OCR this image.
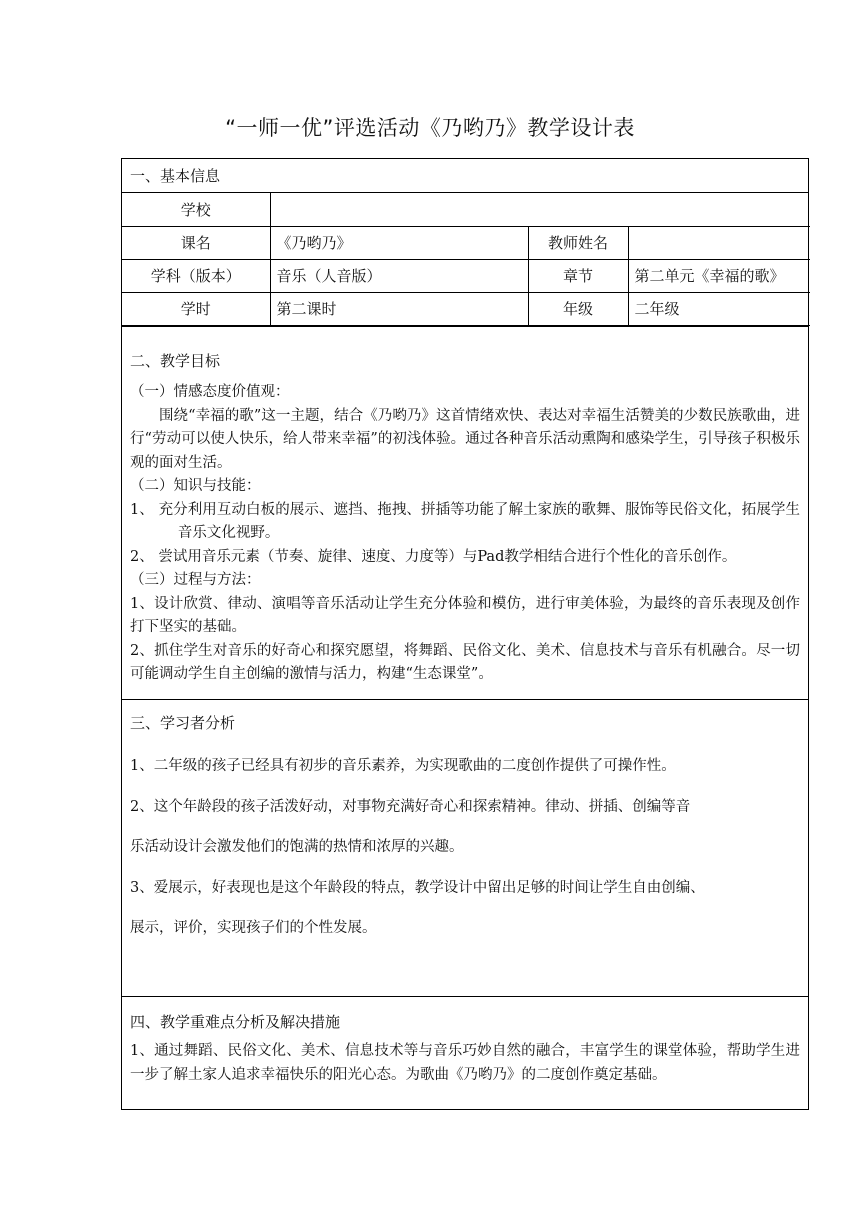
“一师一优”评选活动《乃哟乃》教学设计表
一、基本信息
学校			
课名	《乃哟乃》	教师姓名	
学科（版本）	音乐（人音版）	章节	第二单元《幸福的歌》
学时	第二课时	年级	二年级

二、教学目标

（一）情感态度价值观：

围绕“幸福的歌”这一主题，结合《乃哟乃》这首情绪欢快、表达对幸福生活赞美的少数民族歌曲，进行“劳动可以使人快乐，给人带来幸福”的初浅体验。通过各种音乐活动熏陶和感染学生，引导孩子积极乐观的面对生活。

（二）知识与技能：

1、 充分利用互动白板的展示、遮挡、拖拽、拼插等功能了解土家族的歌舞、服饰等民俗文化，拓展学生音乐文化视野。

2、 尝试用音乐元素（节奏、旋律、速度、力度等）与Pad教学相结合进行个性化的音乐创作。

（三）过程与方法：

1、设计欣赏、律动、演唱等音乐活动让学生充分体验和模仿，进行审美体验，为最终的音乐表现及创作打下坚实的基础。

2、抓住学生对音乐的好奇心和探究愿望，将舞蹈、民俗文化、美术、信息技术与音乐有机融合。尽一切可能调动学生自主创编的激情与活力，构建“生态课堂”。

三、学习者分析

1、二年级的孩子已经具有初步的音乐素养，为实现歌曲的二度创作提供了可操作性。

2、这个年龄段的孩子活泼好动，对事物充满好奇心和探索精神。律动、拼插、创编等音

乐活动设计会激发他们的饱满的热情和浓厚的兴趣。

3、爱展示，好表现也是这个年龄段的特点，教学设计中留出足够的时间让学生自由创编、

展示，评价，实现孩子们的个性发展。

四、教学重难点分析及解决措施

1、通过舞蹈、民俗文化、美术、信息技术等与音乐巧妙自然的融合，丰富学生的课堂体验，帮助学生进一步了解土家人追求幸福快乐的阳光心态。为歌曲《乃哟乃》的二度创作奠定基础。
